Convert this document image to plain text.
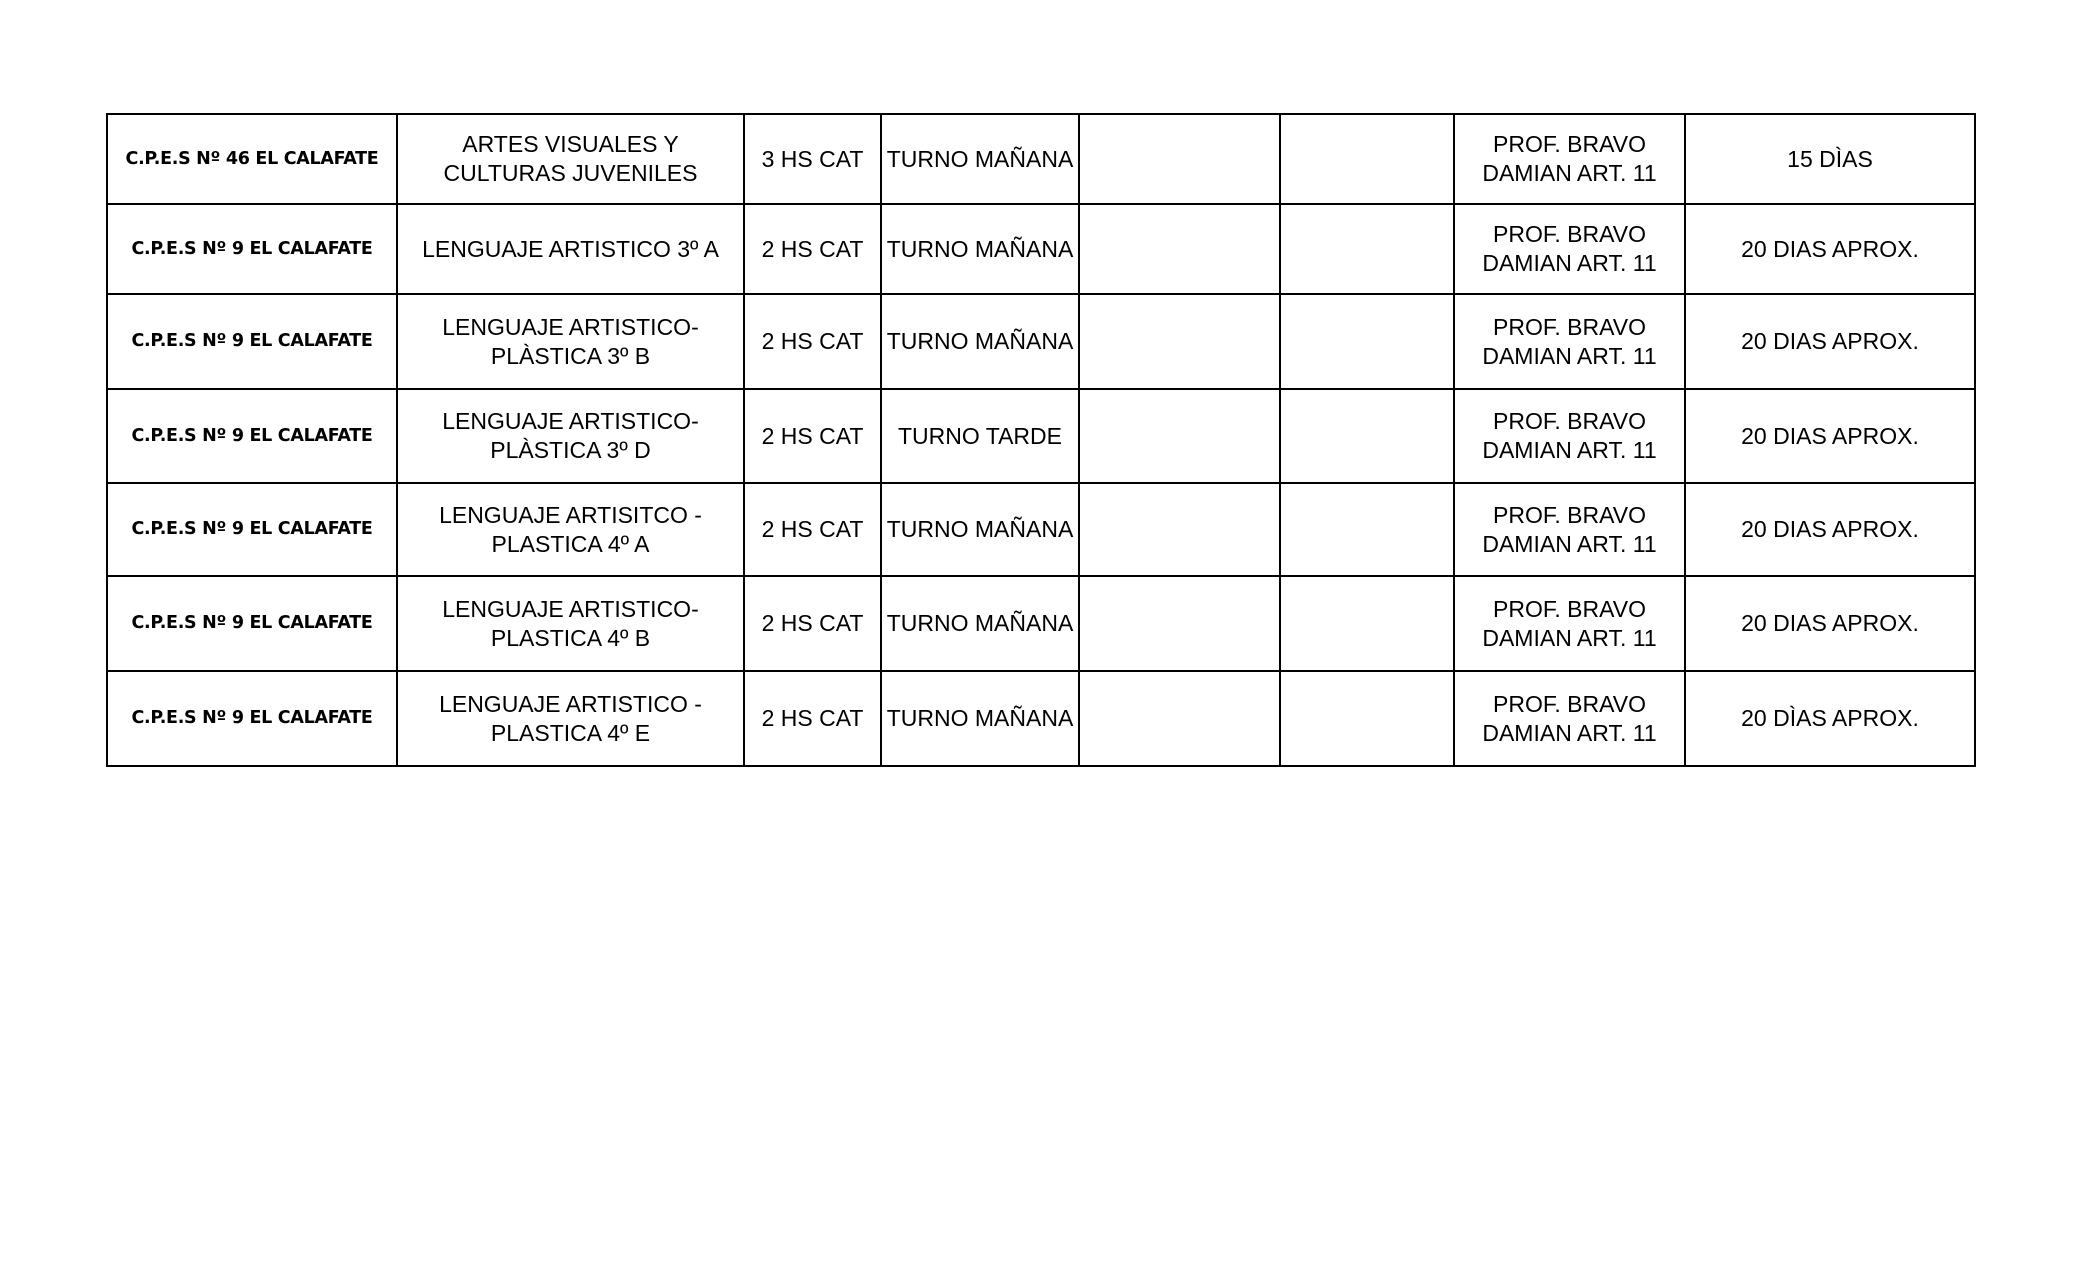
C.P.E.S Nº 46 EL CALAFATE	ARTES VISUALES Y
CULTURAS JUVENILES	3 HS CAT	TURNO MAÑANA			PROF. BRAVO
DAMIAN ART. 11	15 DÌAS
C.P.E.S Nº 9 EL CALAFATE	LENGUAJE ARTISTICO 3º A	2 HS CAT	TURNO MAÑANA			PROF. BRAVO
DAMIAN ART. 11	20 DIAS APROX.
C.P.E.S Nº 9 EL CALAFATE	LENGUAJE ARTISTICO-
PLÀSTICA 3º B	2 HS CAT	TURNO MAÑANA			PROF. BRAVO
DAMIAN ART. 11	20 DIAS APROX.
C.P.E.S Nº 9 EL CALAFATE	LENGUAJE ARTISTICO-
PLÀSTICA 3º D	2 HS CAT	TURNO TARDE			PROF. BRAVO
DAMIAN ART. 11	20 DIAS APROX.
C.P.E.S Nº 9 EL CALAFATE	LENGUAJE ARTISITCO -
PLASTICA 4º A	2 HS CAT	TURNO MAÑANA			PROF. BRAVO
DAMIAN ART. 11	20 DIAS APROX.
C.P.E.S Nº 9 EL CALAFATE	LENGUAJE ARTISTICO-
PLASTICA 4º B	2 HS CAT	TURNO MAÑANA			PROF. BRAVO
DAMIAN ART. 11	20 DIAS APROX.
C.P.E.S Nº 9 EL CALAFATE	LENGUAJE ARTISTICO -
PLASTICA 4º E	2 HS CAT	TURNO MAÑANA			PROF. BRAVO
DAMIAN ART. 11	20 DÌAS APROX.
